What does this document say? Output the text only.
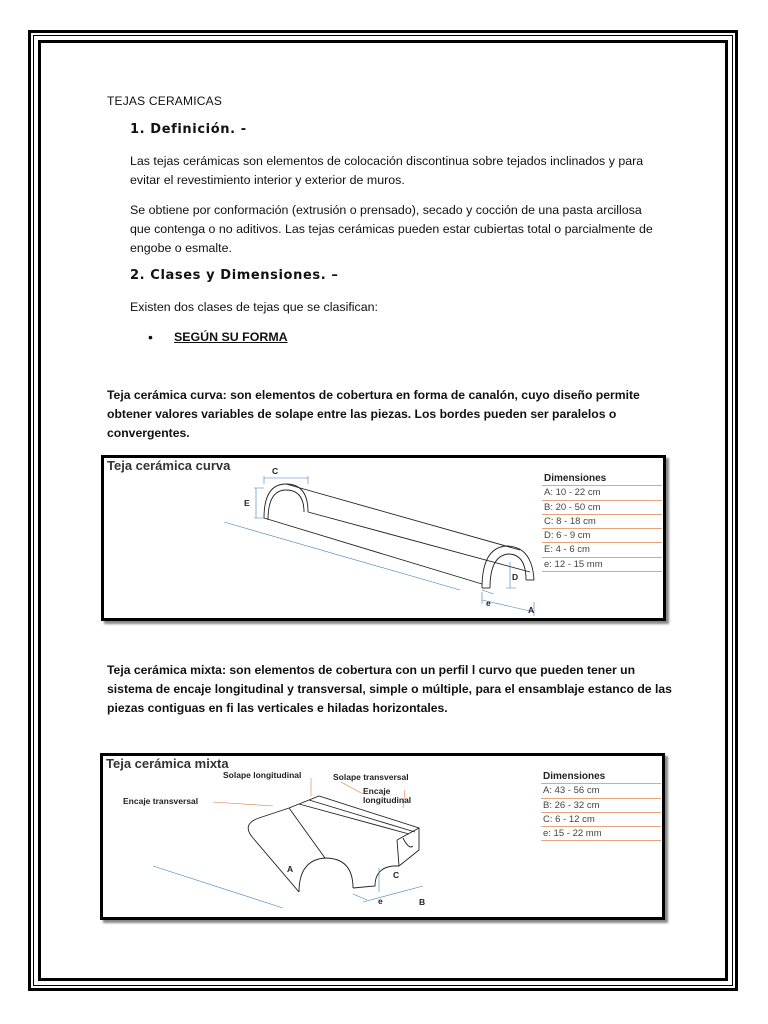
TEJAS CERAMICAS
1. Definición. -
Las tejas cerámicas son elementos de colocación discontinua sobre tejados inclinados y para
evitar el revestimiento interior y exterior de muros.
Se obtiene por conformación (extrusión o prensado), secado y cocción de una pasta arcillosa
que contenga o no aditivos. Las tejas cerámicas pueden estar cubiertas total o parcialmente de
engobe o esmalte.
2. Clases y Dimensiones. –
Existen dos clases de tejas que se clasifican:
• SEGÚN SU FORMA
Teja cerámica curva: son elementos de cobertura en forma de canalón, cuyo diseño permite
obtener valores variables de solape entre las piezas. Los bordes pueden ser paralelos o
convergentes.
Teja cerámica curva	C
E
D
e
A
Dimensiones
A: 10 - 22 cm
B: 20 - 50 cm
C: 8 - 18 cm
D: 6 - 9 cm
E: 4 - 6 cm
e: 12 - 15 mm
Teja cerámica mixta: son elementos de cobertura con un perfil l curvo que pueden tener un
sistema de encaje longitudinal y transversal, simple o múltiple, para el ensamblaje estanco de las
piezas contiguas en fi las verticales e hiladas horizontales.
Teja cerámica mixta
Solape longitudinal	Solape transversal
Encaje transversal
Encaje
longitudinal
A
B
C
e
Dimensiones
A: 43 - 56 cm
B: 26 - 32 cm
C: 6 - 12 cm
e: 15 - 22 mm
